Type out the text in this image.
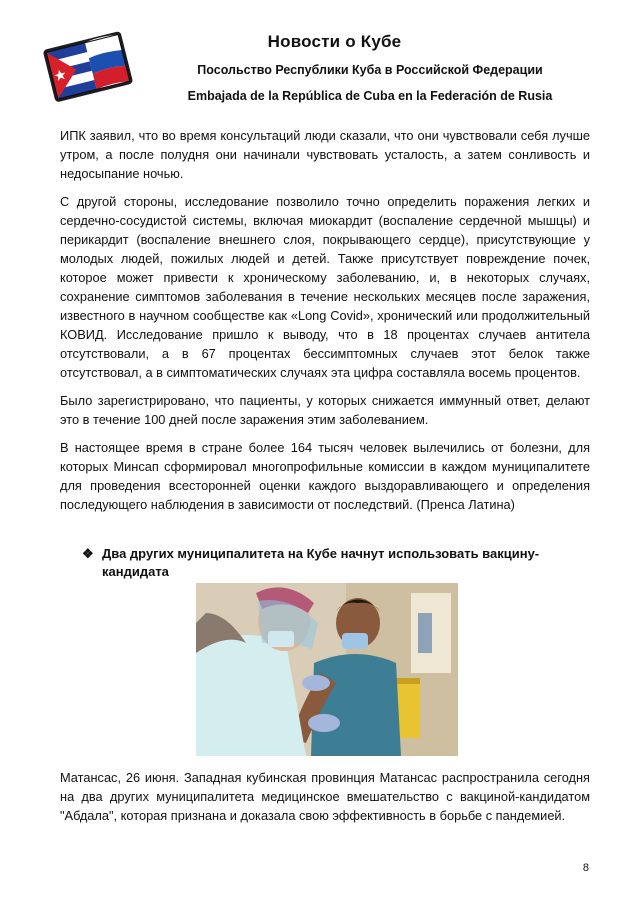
Новости о Кубе
Посольство Республики Куба в Российской Федерации
Embajada de la República de Cuba en la Federación de Rusia

ИПК заявил, что во время консультаций люди сказали, что они чувствовали себя лучше утром, а после полудня они начинали чувствовать усталость, а затем сонливость и недосыпание ночью.

С другой стороны, исследование позволило точно определить поражения легких и сердечно-сосудистой системы, включая миокардит (воспаление сердечной мышцы) и перикардит (воспаление внешнего слоя, покрывающего сердце), присутствующие у молодых людей, пожилых людей и детей. Также присутствует повреждение почек, которое может привести к хроническому заболеванию, и, в некоторых случаях, сохранение симптомов заболевания в течение нескольких месяцев после заражения, известного в научном сообществе как «Long Covid», хронический или продолжительный КОВИД. Исследование пришло к выводу, что в 18 процентах случаев антитела отсутствовали, а в 67 процентах бессимптомных случаев этот белок также отсутствовал, а в симптоматических случаях эта цифра составляла восемь процентов.

Было зарегистрировано, что пациенты, у которых снижается иммунный ответ, делают это в течение 100 дней после заражения этим заболеванием.

В настоящее время в стране более 164 тысяч человек вылечились от болезни, для которых Минсап сформировал многопрофильные комиссии в каждом муниципалитете для проведения всесторонней оценки каждого выздоравливающего и определения последующего наблюдения в зависимости от последствий. (Пренса Латина)

❖ Два других муниципалитета на Кубе начнут использовать вакцину-кандидата

Матансас, 26 июня. Западная кубинская провинция Матансас распространила сегодня на два других муниципалитета медицинское вмешательство с вакциной-кандидатом "Абдала", которая признана и доказала свою эффективность в борьбе с пандемией.

8
